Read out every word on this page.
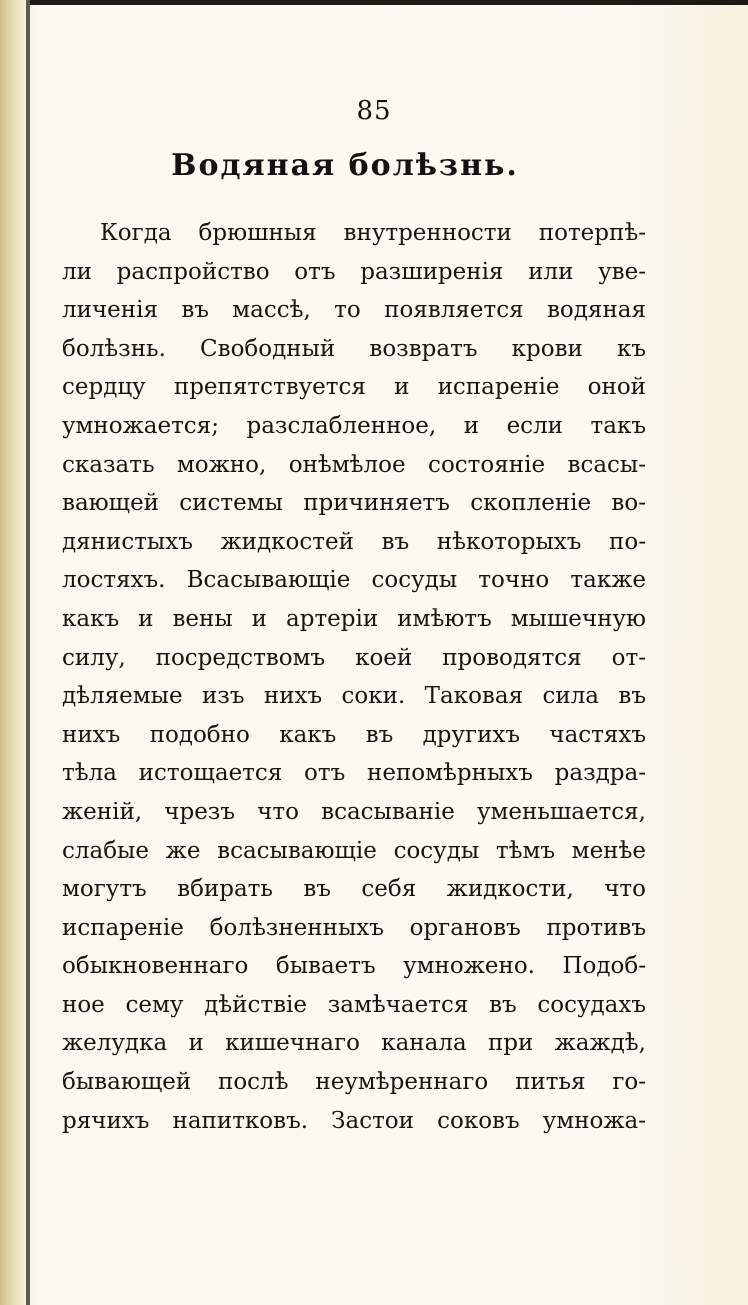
85
Водяная болѣзнь.
Когда брюшныя внутренности потерпѣ-
ли распройство отъ разширенія или уве-
личенія въ массѣ, то появляется водяная
болѣзнь. Свободный возвратъ крови къ
сердцу препятствуется и испареніе оной
умножается; разслабленное, и если такъ
сказать можно, онѣмѣлое состояніе всасы-
вающей системы причиняетъ скопленіе во-
дянистыхъ жидкостей въ нѣкоторыхъ по-
лостяхъ. Всасывающіе сосуды точно также
какъ и вены и артеріи имѣютъ мышечную
силу, посредствомъ коей проводятся от-
дѣляемые изъ нихъ соки. Таковая сила въ
нихъ подобно какъ въ другихъ частяхъ
тѣла истощается отъ непомѣрныхъ раздра-
женій, чрезъ что всасываніе уменьшается,
слабые же всасывающіе сосуды тѣмъ менѣе
могутъ вбирать въ себя жидкости, что
испареніе болѣзненныхъ органовъ противъ
обыкновеннаго бываетъ умножено. Подоб-
ное сему дѣйствіе замѣчается въ сосудахъ
желудка и кишечнаго канала при жаждѣ,
бывающей послѣ неумѣреннаго питья го-
рячихъ напитковъ. Застои соковъ умножа-
